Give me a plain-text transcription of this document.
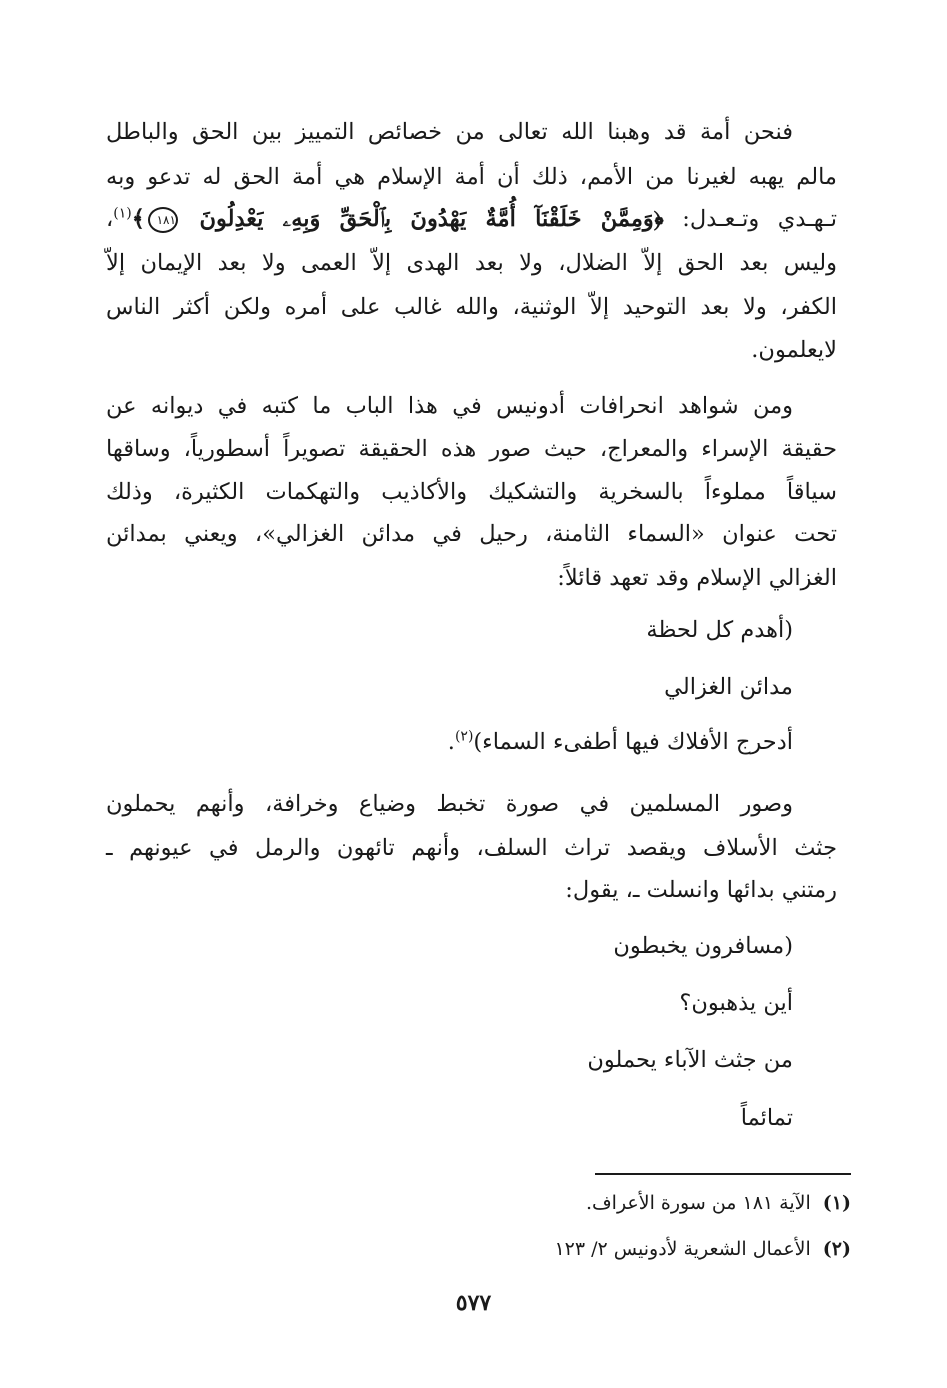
فنحن أمة قد وهبنا الله تعالى من خصائص التمييز بين الحق والباطل
مالم يهبه لغيرنا من الأمم، ذلك أن أمة الإسلام هي أمة الحق له تدعو وبه
تـهـدي وتـعـدل: ﴿وَمِمَّنْ خَلَقْنَآ أُمَّةٌ يَهْدُونَ بِٱلْحَقِّ وَبِهِۦ يَعْدِلُونَ ١٨١﴾$^{(١)}$،
وليس بعد الحق إلاّ الضلال، ولا بعد الهدى إلاّ العمى ولا بعد الإيمان إلاّ
الكفر، ولا بعد التوحيد إلاّ الوثنية، والله غالب على أمره ولكن أكثر الناس
لايعلمون.
ومن شواهد انحرافات أدونيس في هذا الباب ما كتبه في ديوانه عن
حقيقة الإسراء والمعراج، حيث صور هذه الحقيقة تصويراً أسطورياً، وساقها
سياقاً مملوءاً بالسخرية والتشكيك والأكاذيب والتهكمات الكثيرة، وذلك
تحت عنوان «السماء الثامنة، رحيل في مدائن الغزالي»، ويعني بمدائن
الغزالي الإسلام وقد تعهد قائلاً:
(أهدم كل لحظة
مدائن الغزالي
أدحرج الأفلاك فيها أطفىء السماء)$^{(٢)}$.
وصور المسلمين في صورة تخبط وضياع وخرافة، وأنهم يحملون
جثث الأسلاف ويقصد تراث السلف، وأنهم تائهون والرمل في عيونهم ـ
رمتني بدائها وانسلت ـ، يقول:
(مسافرون يخبطون
أين يذهبون؟
من جثث الآباء يحملون
تمائماً
(١)الآية ١٨١ من سورة الأعراف.
(٢)الأعمال الشعرية لأدونيس ٢/ ١٢٣
٥٧٧
